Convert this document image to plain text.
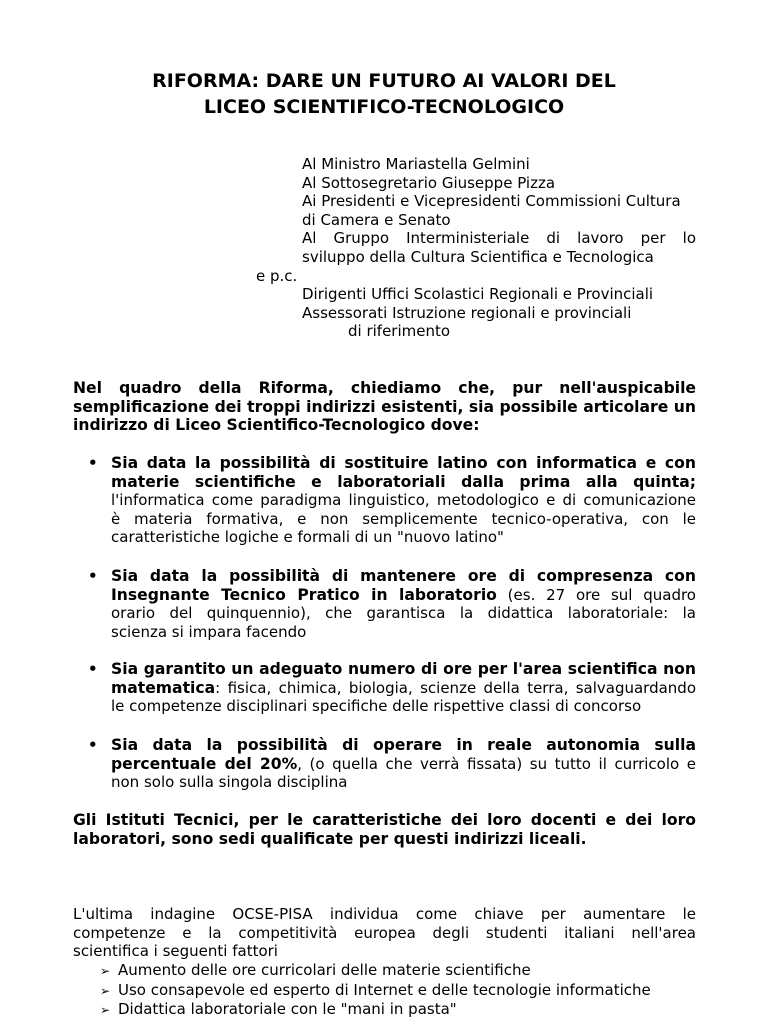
RIFORMA: DARE UN FUTURO AI VALORI DEL
LICEO SCIENTIFICO-TECNOLOGICO
Al Ministro Mariastella Gelmini
Al Sottosegretario Giuseppe Pizza
Ai Presidenti e Vicepresidenti Commissioni Cultura
di Camera e Senato
Al Gruppo Interministeriale di lavoro per lo
sviluppo della Cultura Scientifica e Tecnologica
e p.c.
Dirigenti Uffici Scolastici Regionali e Provinciali
Assessorati Istruzione regionali e provinciali
di riferimento
Nel quadro della Riforma, chiediamo che, pur nell'auspicabile
semplificazione dei troppi indirizzi esistenti, sia possibile articolare un
indirizzo di Liceo Scientifico-Tecnologico dove:
• Sia data la possibilità di sostituire latino con informatica e con
materie scientifiche e laboratoriali dalla prima alla quinta;
l'informatica come paradigma linguistico, metodologico e di comunicazione
è materia formativa, e non semplicemente tecnico-operativa, con le
caratteristiche logiche e formali di un "nuovo latino"
• Sia data la possibilità di mantenere ore di compresenza con
Insegnante Tecnico Pratico in laboratorio (es. 27 ore sul quadro
orario del quinquennio), che garantisca la didattica laboratoriale: la
scienza si impara facendo
• Sia garantito un adeguato numero di ore per l'area scientifica non
matematica: fisica, chimica, biologia, scienze della terra, salvaguardando
le competenze disciplinari specifiche delle rispettive classi di concorso
• Sia data la possibilità di operare in reale autonomia sulla
percentuale del 20%, (o quella che verrà fissata) su tutto il curricolo e
non solo sulla singola disciplina
Gli Istituti Tecnici, per le caratteristiche dei loro docenti e dei loro
laboratori, sono sedi qualificate per questi indirizzi liceali.
L'ultima indagine OCSE-PISA individua come chiave per aumentare le
competenze e la competitività europea degli studenti italiani nell'area
scientifica i seguenti fattori
➢ Aumento delle ore curricolari delle materie scientifiche
➢ Uso consapevole ed esperto di Internet e delle tecnologie informatiche
➢ Didattica laboratoriale con le "mani in pasta"
